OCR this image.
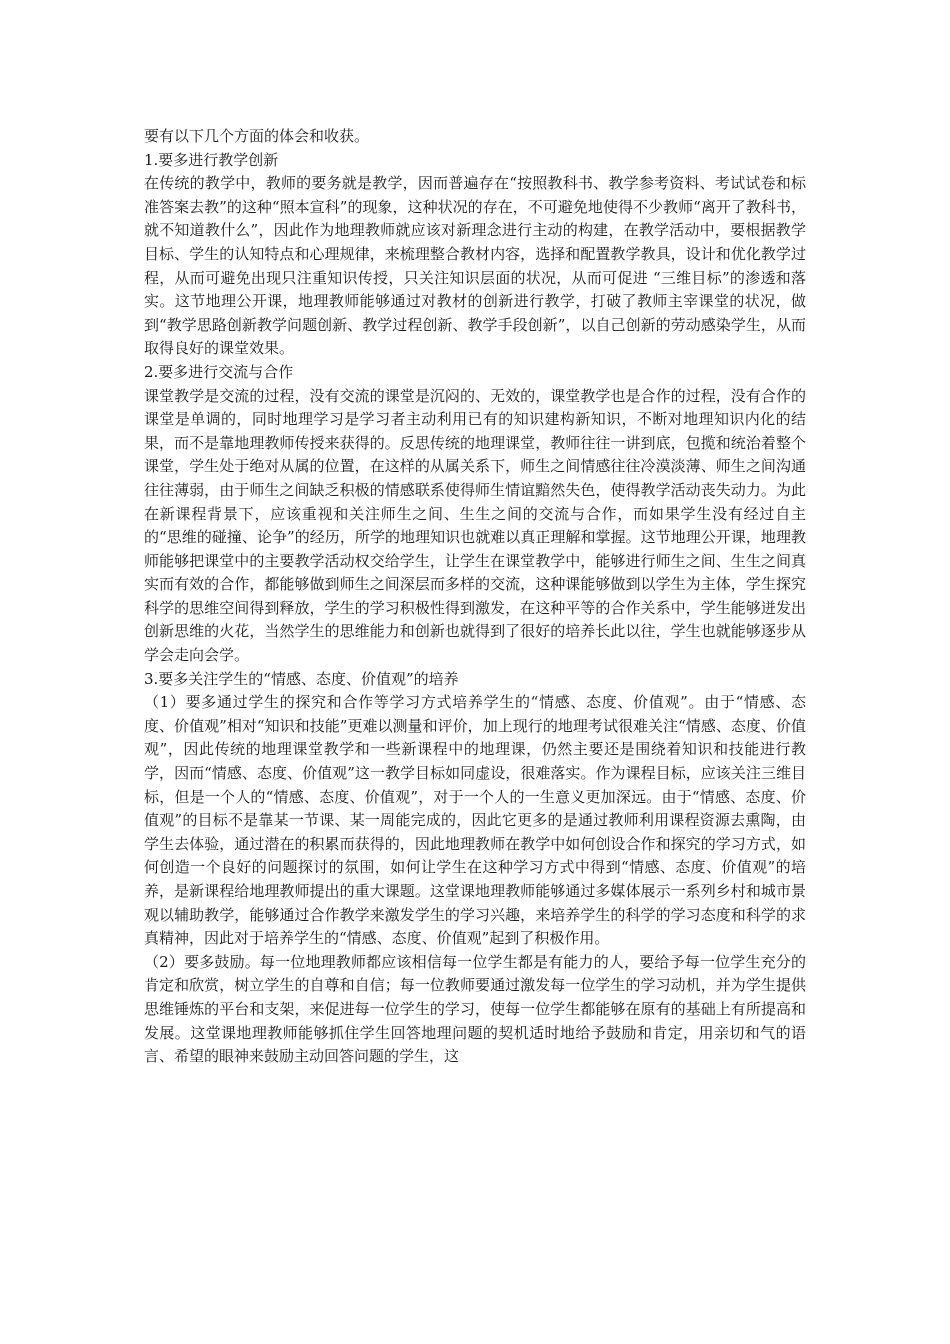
要有以下几个方面的体会和收获。

1.要多进行教学创新

在传统的教学中，教师的要务就是教学，因而普遍存在“按照教科书、教学参考资料、考试试卷和标准答案去教”的这种“照本宣科”的现象，这种状况的存在，不可避免地使得不少教师“离开了教科书，就不知道教什么”，因此作为地理教师就应该对新理念进行主动的构建，在教学活动中，要根据教学目标、学生的认知特点和心理规律，来梳理整合教材内容，选择和配置教学教具，设计和优化教学过程，从而可避免出现只注重知识传授，只关注知识层面的状况，从而可促进 “三维目标”的渗透和落实。这节地理公开课，地理教师能够通过对教材的创新进行教学，打破了教师主宰课堂的状况，做到“教学思路创新教学问题创新、教学过程创新、教学手段创新”，以自己创新的劳动感染学生，从而取得良好的课堂效果。

2.要多进行交流与合作

课堂教学是交流的过程，没有交流的课堂是沉闷的、无效的，课堂教学也是合作的过程，没有合作的课堂是单调的，同时地理学习是学习者主动利用已有的知识建构新知识，不断对地理知识内化的结果，而不是靠地理教师传授来获得的。反思传统的地理课堂，教师往往一讲到底，包揽和统治着整个课堂，学生处于绝对从属的位置，在这样的从属关系下，师生之间情感往往冷漠淡薄、师生之间沟通往往薄弱，由于师生之间缺乏积极的情感联系使得师生情谊黯然失色，使得教学活动丧失动力。为此在新课程背景下，应该重视和关注师生之间、生生之间的交流与合作，而如果学生没有经过自主的“思维的碰撞、论争”的经历，所学的地理知识也就难以真正理解和掌握。这节地理公开课，地理教师能够把课堂中的主要教学活动权交给学生，让学生在课堂教学中，能够进行师生之间、生生之间真实而有效的合作，都能够做到师生之间深层而多样的交流，这种课能够做到以学生为主体，学生探究科学的思维空间得到释放，学生的学习积极性得到激发，在这种平等的合作关系中，学生能够迸发出创新思维的火花，当然学生的思维能力和创新也就得到了很好的培养长此以往，学生也就能够逐步从学会走向会学。

3.要多关注学生的“情感、态度、价值观”的培养

（1）要多通过学生的探究和合作等学习方式培养学生的“情感、态度、价值观”。由于“情感、态度、价值观”相对“知识和技能”更难以测量和评价，加上现行的地理考试很难关注“情感、态度、价值观”，因此传统的地理课堂教学和一些新课程中的地理课，仍然主要还是围绕着知识和技能进行教学，因而“情感、态度、价值观”这一教学目标如同虚设，很难落实。作为课程目标，应该关注三维目标，但是一个人的“情感、态度、价值观”，对于一个人的一生意义更加深远。由于“情感、态度、价值观”的目标不是靠某一节课、某一周能完成的，因此它更多的是通过教师利用课程资源去熏陶，由学生去体验，通过潜在的积累而获得的，因此地理教师在教学中如何创设合作和探究的学习方式，如何创造一个良好的问题探讨的氛围，如何让学生在这种学习方式中得到“情感、态度、价值观”的培养，是新课程给地理教师提出的重大课题。这堂课地理教师能够通过多媒体展示一系列乡村和城市景观以辅助教学，能够通过合作教学来激发学生的学习兴趣，来培养学生的科学的学习态度和科学的求真精神，因此对于培养学生的“情感、态度、价值观”起到了积极作用。

（2）要多鼓励。每一位地理教师都应该相信每一位学生都是有能力的人，要给予每一位学生充分的肯定和欣赏，树立学生的自尊和自信；每一位教师要通过激发每一位学生的学习动机，并为学生提供思维锤炼的平台和支架，来促进每一位学生的学习，使每一位学生都能够在原有的基础上有所提高和发展。这堂课地理教师能够抓住学生回答地理问题的契机适时地给予鼓励和肯定，用亲切和气的语言、希望的眼神来鼓励主动回答问题的学生，这
